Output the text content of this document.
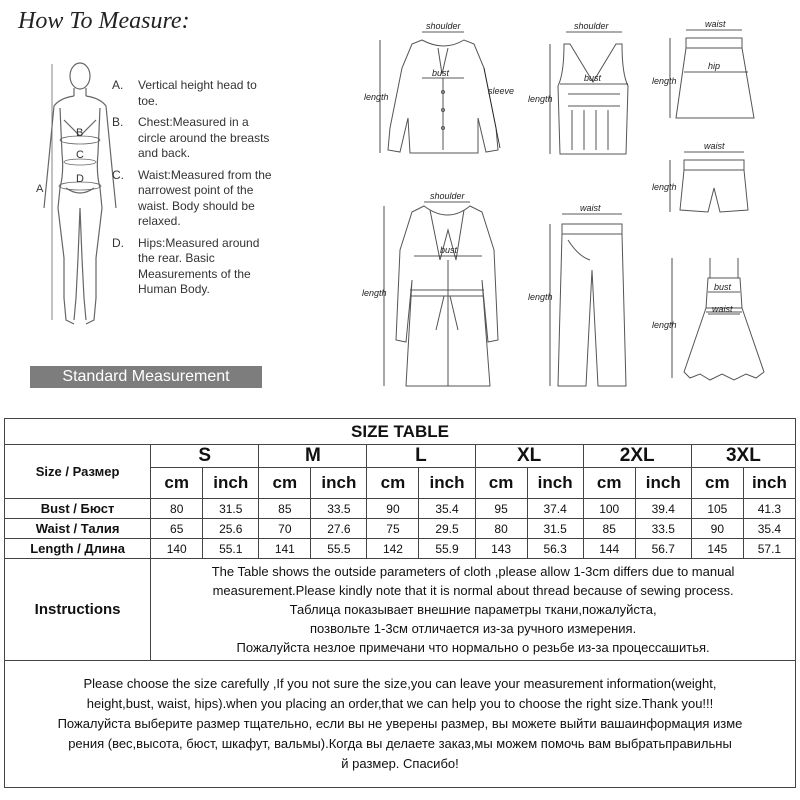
How To Measure:
A
B
C
D
A.	Vertical height head to toe.
B.	Chest:Measured in a circle around the breasts and back.
C.	Waist:Measured from the narrowest point of the waist. Body should be relaxed.
D.	Hips:Measured around the rear. Basic Measurements of the Human Body.
Standard Measurement
shoulder
bust
length
sleeve
shoulder
bust
length
waist
hip
length
waist
length
shoulder
bust
length
waist
length
bust
waist
length
SIZE TABLE												
Size / Размер	S		M		L		XL		2XL		3XL	
	cm	inch	cm	inch	cm	inch	cm	inch	cm	inch	cm	inch
Bust / Бюст	80	31.5	85	33.5	90	35.4	95	37.4	100	39.4	105	41.3
Waist / Талия	65	25.6	70	27.6	75	29.5	80	31.5	85	33.5	90	35.4
Length / Длина	140	55.1	141	55.5	142	55.9	143	56.3	144	56.7	145	57.1
Instructions	The Table shows the outside parameters of cloth ,please allow 1-3cm differs due to manual
measurement.Please kindly note that it is normal about thread because of sewing process.
Таблица показывает внешние параметры ткани,пожалуйста,
позвольте 1-3см отличается из-за ручного измерения.
Пожалуйста незлое примечани что нормально о резьбе из-за процессашитья.											

Please choose the size carefully ,If you not sure the size,you can leave your measurement information(weight,
height,bust, waist, hips).when you placing an order,that we can help you to choose the right size.Thank you!!!
Пожалуйста выберите размер тщательно, если вы не уверены размер, вы можете выйти вашаинформация изме
рения (вес,высота, бюст, шкафут, вальмы).Когда вы делаете заказ,мы можем помочь вам выбратьправильны
й размер. Спасибо!												
